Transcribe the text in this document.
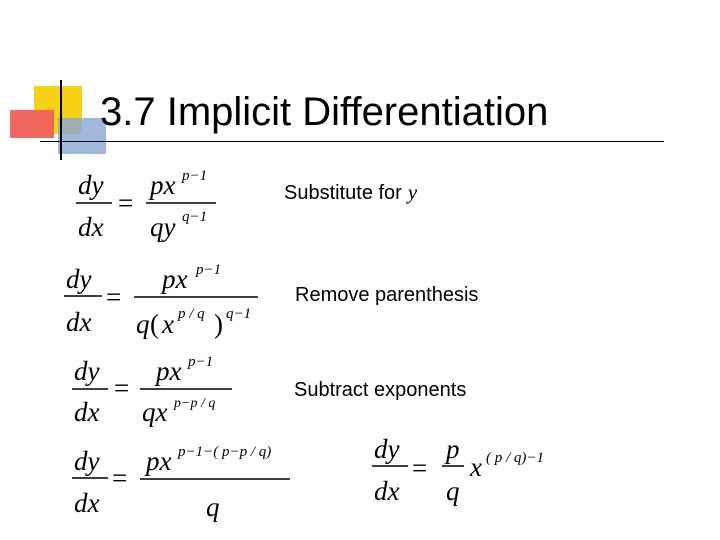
3.7 Implicit Differentiation
Substitute for y
Remove parenthesis
Subtract exponents
dy
dx
=
px p−1
qy q−1
dy
dx
=
px p−1
q ( x p / q ) q−1
dy
dx
=
px p−1
qx p−p / q
dy
dx
=
px p−1−( p−p / q)
q
dy
dx
=
p
q
x ( p / q)−1
